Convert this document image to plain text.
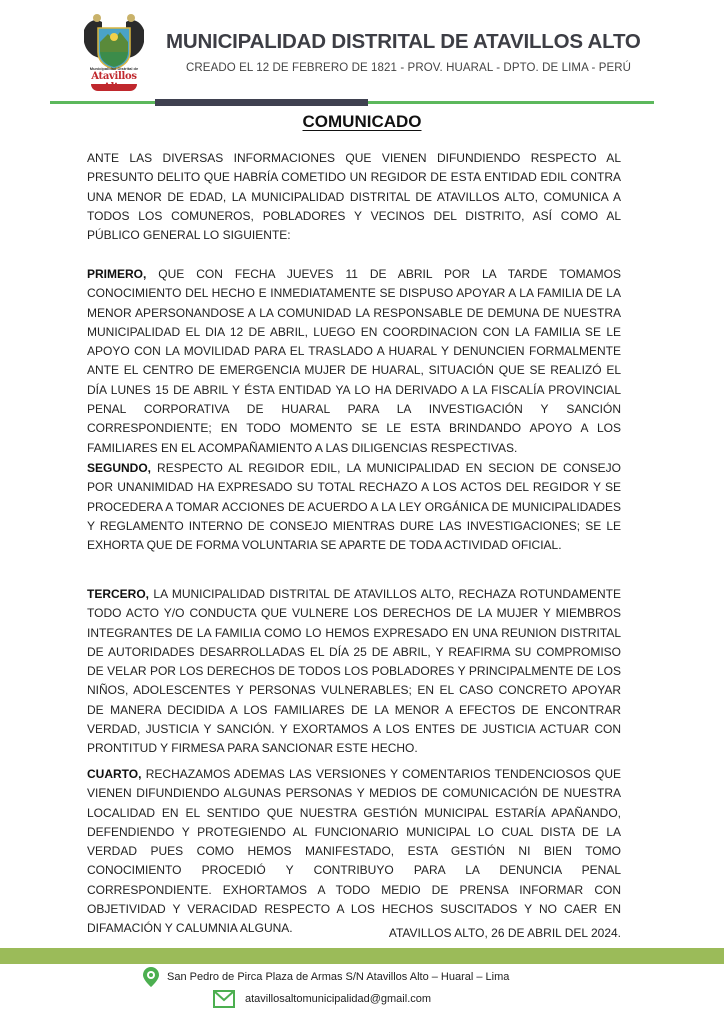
Municipalidad Distrital de
Atavillos
MUNICIPALIDAD DISTRITAL DE ATAVILLOS ALTO
CREADO EL 12 DE FEBRERO DE 1821 - PROV. HUARAL - DPTO. DE LIMA - PERÚ
COMUNICADO
ANTE LAS DIVERSAS INFORMACIONES QUE VIENEN DIFUNDIENDO RESPECTO AL PRESUNTO DELITO QUE HABRÍA COMETIDO UN REGIDOR DE ESTA ENTIDAD EDIL CONTRA UNA MENOR DE EDAD, LA MUNICIPALIDAD DISTRITAL DE ATAVILLOS ALTO, COMUNICA A TODOS LOS COMUNEROS, POBLADORES Y VECINOS DEL DISTRITO, ASÍ COMO AL PÚBLICO GENERAL LO SIGUIENTE:
PRIMERO, QUE CON FECHA JUEVES 11 DE ABRIL POR LA TARDE TOMAMOS CONOCIMIENTO DEL HECHO E INMEDIATAMENTE SE DISPUSO APOYAR A LA FAMILIA DE LA MENOR APERSONANDOSE A LA COMUNIDAD LA RESPONSABLE DE DEMUNA DE NUESTRA MUNICIPALIDAD EL DIA 12 DE ABRIL, LUEGO EN COORDINACION CON LA FAMILIA SE LE APOYO CON LA MOVILIDAD PARA EL TRASLADO A HUARAL Y DENUNCIEN FORMALMENTE ANTE EL CENTRO DE EMERGENCIA MUJER DE HUARAL, SITUACIÓN QUE SE REALIZÓ EL DÍA LUNES 15 DE ABRIL Y ÉSTA ENTIDAD YA LO HA DERIVADO A LA FISCALÍA PROVINCIAL PENAL CORPORATIVA DE HUARAL PARA LA INVESTIGACIÓN Y SANCIÓN CORRESPONDIENTE; EN TODO MOMENTO SE LE ESTA BRINDANDO APOYO A LOS FAMILIARES EN EL ACOMPAÑAMIENTO A LAS DILIGENCIAS RESPECTIVAS.
SEGUNDO, RESPECTO AL REGIDOR EDIL, LA MUNICIPALIDAD EN SECION DE CONSEJO POR UNANIMIDAD HA EXPRESADO SU TOTAL RECHAZO A LOS ACTOS DEL REGIDOR Y SE PROCEDERA A TOMAR ACCIONES DE ACUERDO A LA LEY ORGÁNICA DE MUNICIPALIDADES Y REGLAMENTO INTERNO DE CONSEJO MIENTRAS DURE LAS INVESTIGACIONES; SE LE EXHORTA QUE DE FORMA VOLUNTARIA SE APARTE DE TODA ACTIVIDAD OFICIAL.
TERCERO, LA MUNICIPALIDAD DISTRITAL DE ATAVILLOS ALTO, RECHAZA ROTUNDAMENTE TODO ACTO Y/O CONDUCTA QUE VULNERE LOS DERECHOS DE LA MUJER Y MIEMBROS INTEGRANTES DE LA FAMILIA COMO LO HEMOS EXPRESADO EN UNA REUNION DISTRITAL DE AUTORIDADES DESARROLLADAS EL DÍA 25 DE ABRIL, Y REAFIRMA SU COMPROMISO DE VELAR POR LOS DERECHOS DE TODOS LOS POBLADORES Y PRINCIPALMENTE DE LOS NIÑOS, ADOLESCENTES Y PERSONAS VULNERABLES; EN EL CASO CONCRETO APOYAR DE MANERA DECIDIDA A LOS FAMILIARES DE LA MENOR A EFECTOS DE ENCONTRAR VERDAD, JUSTICIA Y SANCIÓN. Y EXORTAMOS A LOS ENTES DE JUSTICIA ACTUAR CON PRONTITUD Y FIRMESA PARA SANCIONAR ESTE HECHO.
CUARTO, RECHAZAMOS ADEMAS LAS VERSIONES Y COMENTARIOS TENDENCIOSOS QUE VIENEN DIFUNDIENDO ALGUNAS PERSONAS Y MEDIOS DE COMUNICACIÓN DE NUESTRA LOCALIDAD EN EL SENTIDO QUE NUESTRA GESTIÓN MUNICIPAL ESTARÍA APAÑANDO, DEFENDIENDO Y PROTEGIENDO AL FUNCIONARIO MUNICIPAL LO CUAL DISTA DE LA VERDAD PUES COMO HEMOS MANIFESTADO, ESTA GESTIÓN NI BIEN TOMO CONOCIMIENTO PROCEDIÓ Y CONTRIBUYO PARA LA DENUNCIA PENAL CORRESPONDIENTE. EXHORTAMOS A TODO MEDIO DE PRENSA INFORMAR CON OBJETIVIDAD Y VERACIDAD RESPECTO A LOS HECHOS SUSCITADOS Y NO CAER EN DIFAMACIÓN Y CALUMNIA ALGUNA.	ATAVILLOS ALTO, 26 DE ABRIL DEL 2024.
San Pedro de Pirca Plaza de Armas S/N Atavillos Alto – Huaral – Lima
atavillosaltomunicipalidad@gmail.com
